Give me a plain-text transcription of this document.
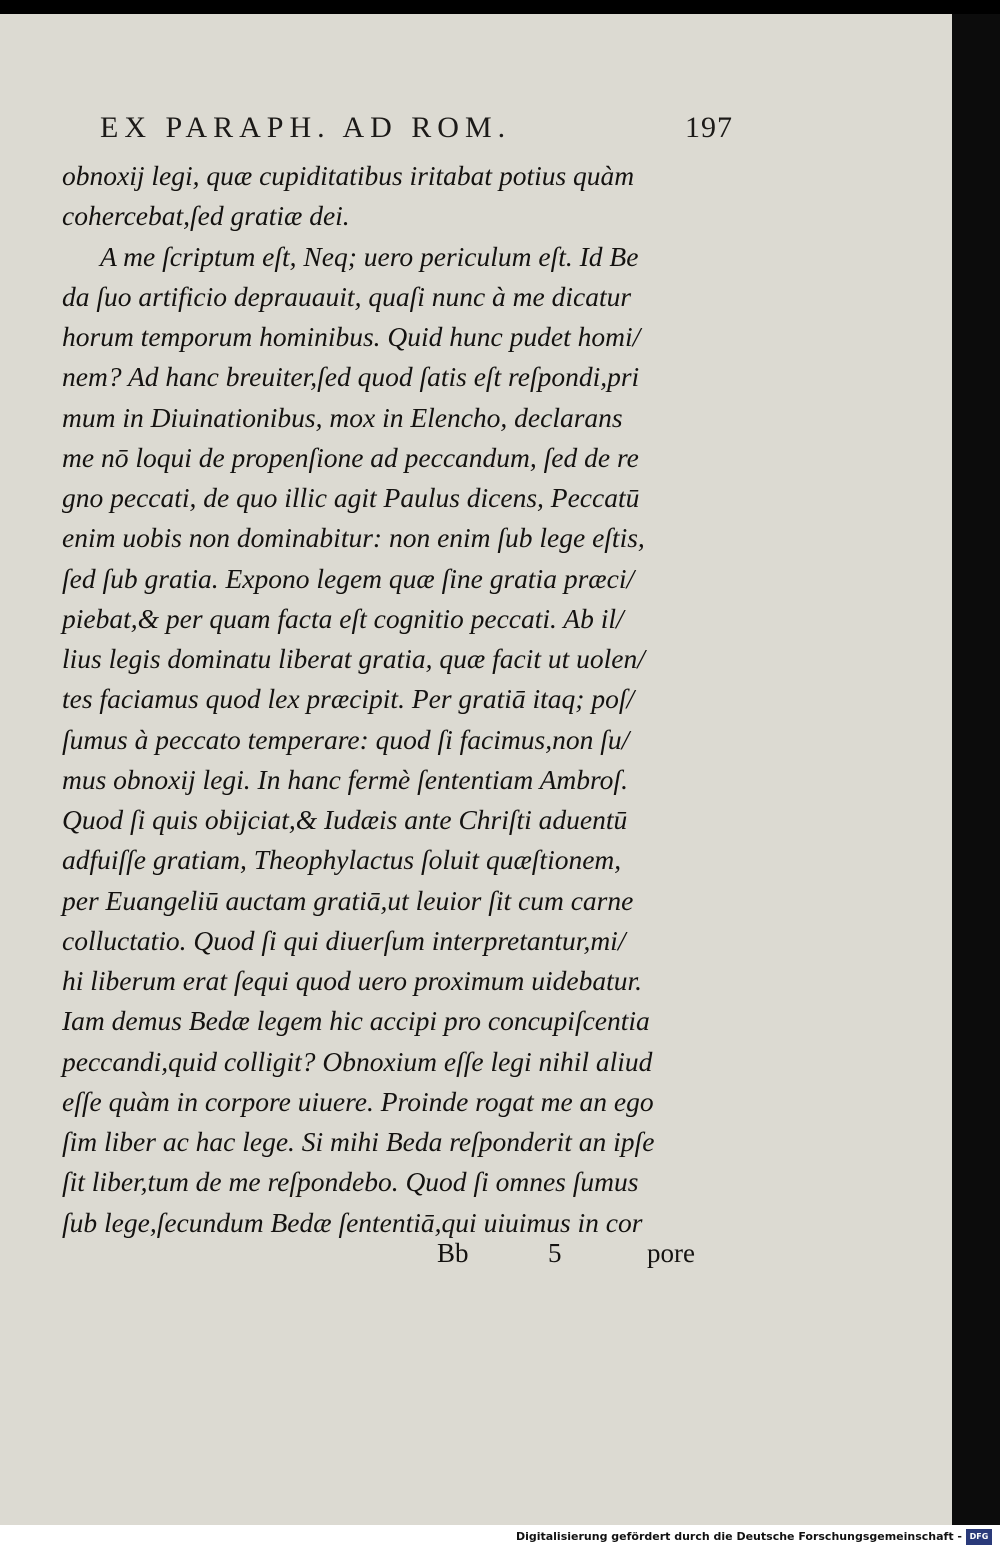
EX PARAPH. AD ROM.	197
obnoxij legi, quæ cupiditatibus iritabat potius quàm
cohercebat,ſed gratiæ dei.
A me ſcriptum eſt, Neq; uero periculum eſt. Id Be
da ſuo artificio deprauauit, quaſi nunc à me dicatur
horum temporum hominibus. Quid hunc pudet homi/
nem? Ad hanc breuiter,ſed quod ſatis eſt reſpondi,pri
mum in Diuinationibus, mox in Elencho, declarans
me nō loqui de propenſione ad peccandum, ſed de re
gno peccati, de quo illic agit Paulus dicens, Peccatū
enim uobis non dominabitur: non enim ſub lege eſtis,
ſed ſub gratia. Expono legem quæ ſine gratia præci/
piebat,& per quam facta eſt cognitio peccati. Ab il/
lius legis dominatu liberat gratia, quæ facit ut uolen/
tes faciamus quod lex præcipit. Per gratiā itaq; poſ/
ſumus à peccato temperare: quod ſi facimus,non ſu/
mus obnoxij legi. In hanc fermè ſententiam Ambroſ.
Quod ſi quis obijciat,& Iudæis ante Chriſti aduentū
adfuiſſe gratiam, Theophylactus ſoluit quæſtionem,
per Euangeliū auctam gratiā,ut leuior ſit cum carne
colluctatio. Quod ſi qui diuerſum interpretantur,mi/
hi liberum erat ſequi quod uero proximum uidebatur.
Iam demus Bedæ legem hic accipi pro concupiſcentia
peccandi,quid colligit? Obnoxium eſſe legi nihil aliud
eſſe quàm in corpore uiuere. Proinde rogat me an ego
ſim liber ac hac lege. Si mihi Beda reſponderit an ipſe
ſit liber,tum de me reſpondebo. Quod ſi omnes ſumus
ſub lege,ſecundum Bedæ ſententiā,qui uiuimus in cor
Bb	5	pore
Digitalisierung gefördert durch die Deutsche Forschungsgemeinschaft - DFG
